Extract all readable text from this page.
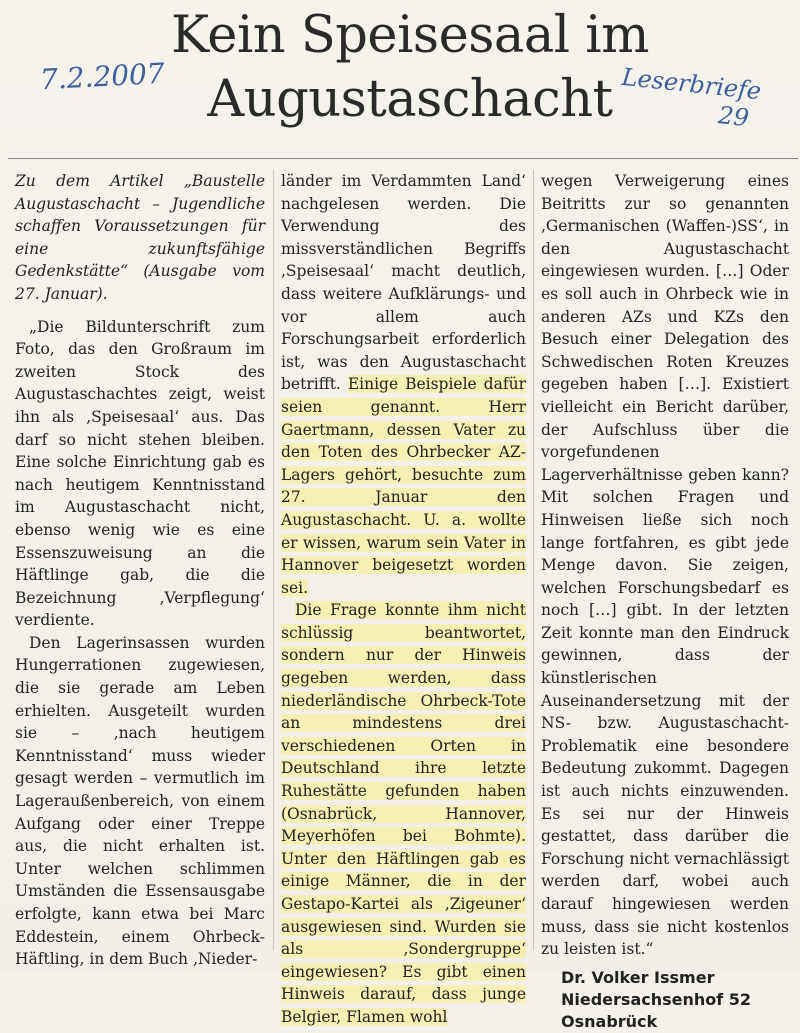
Kein Speisesaal im
Augustaschacht
7.2.2007	Leserbriefe
29

Zu dem Artikel „Baustelle Augustaschacht – Jugendliche schaffen Voraussetzungen für eine zukunftsfähige Gedenkstätte“ (Ausgabe vom 27. Januar).

„Die Bildunterschrift zum Foto, das den Großraum im zweiten Stock des Augustaschachtes zeigt, weist ihn als ‚Speisesaal‘ aus. Das darf so nicht stehen bleiben. Eine solche Einrichtung gab es nach heutigem Kenntnisstand im Augustaschacht nicht, ebenso wenig wie es eine Essenszuweisung an die Häftlinge gab, die die Bezeichnung ‚Verpflegung‘ verdiente.

Den Lagerinsassen wurden Hungerrationen zugewiesen, die sie gerade am Leben erhielten. Ausgeteilt wurden sie – ‚nach heutigem Kenntnisstand‘ muss wieder gesagt werden – vermutlich im Lageraußenbereich, von einem Aufgang oder einer Treppe aus, die nicht erhalten ist. Unter welchen schlimmen Umständen die Essensausgabe erfolgte, kann etwa bei Marc Eddestein, einem Ohrbeck-Häftling, in dem Buch ‚Nieder-

länder im Verdammten Land‘ nachgelesen werden. Die Verwendung des missverständlichen Begriffs ‚Speisesaal‘ macht deutlich, dass weitere Aufklärungs- und vor allem auch Forschungsarbeit erforderlich ist, was den Augustaschacht betrifft. Einige Beispiele dafür seien genannt. Herr Gaertmann, dessen Vater zu den Toten des Ohrbecker AZ-Lagers gehört, besuchte zum 27. Januar den Augustaschacht. U. a. wollte er wissen, warum sein Vater in Hannover beigesetzt worden sei.

Die Frage konnte ihm nicht schlüssig beantwortet, sondern nur der Hinweis gegeben werden, dass niederländische Ohrbeck-Tote an mindestens drei verschiedenen Orten in Deutschland ihre letzte Ruhestätte gefunden haben (Osnabrück, Hannover, Meyerhöfen bei Bohmte). Unter den Häftlingen gab es einige Männer, die in der Gestapo-Kartei als ‚Zigeuner‘ ausgewiesen sind. Wurden sie als ‚Sondergruppe‘ eingewiesen? Es gibt einen Hinweis darauf, dass junge Belgier, Flamen wohl

wegen Verweigerung eines Beitritts zur so genannten ‚Germanischen (Waffen-)SS‘, in den Augustaschacht eingewiesen wurden. […] Oder es soll auch in Ohrbeck wie in anderen AZs und KZs den Besuch einer Delegation des Schwedischen Roten Kreuzes gegeben haben […]. Existiert vielleicht ein Bericht darüber, der Aufschluss über die vorgefundenen Lagerverhältnisse geben kann? Mit solchen Fragen und Hinweisen ließe sich noch lange fortfahren, es gibt jede Menge davon. Sie zeigen, welchen Forschungsbedarf es noch […] gibt. In der letzten Zeit konnte man den Eindruck gewinnen, dass der künstlerischen Auseinandersetzung mit der NS- bzw. Augustaschacht-Problematik eine besondere Bedeutung zukommt. Dagegen ist auch nichts einzuwenden. Es sei nur der Hinweis gestattet, dass darüber die Forschung nicht vernachlässigt werden darf, wobei auch darauf hingewiesen werden muss, dass sie nicht kostenlos zu leisten ist.“

Dr. Volker Issmer
Niedersachsenhof 52
Osnabrück
